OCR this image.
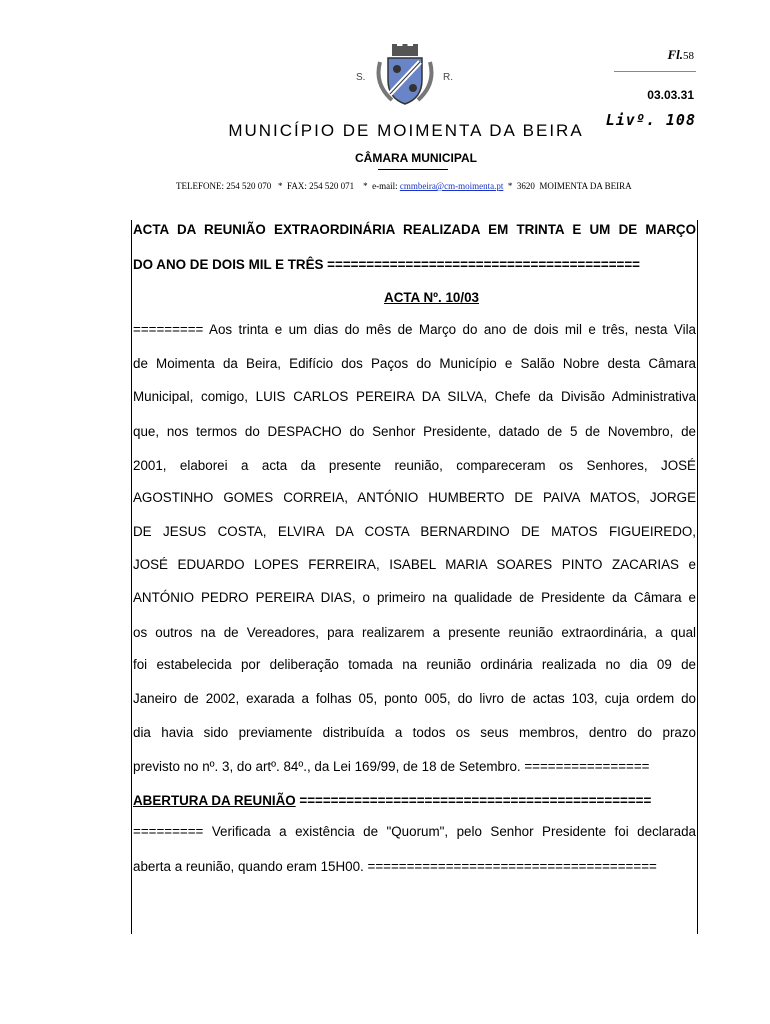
S.	R.
Fl.58
03.03.31
Livº. 108
MUNICÍPIO DE MOIMENTA DA BEIRA
CÂMARA MUNICIPAL
TELEFONE: 254 520 070   *  FAX: 254 520 071    *  e-mail: cmmbeira@cm-moimenta.pt  *  3620  MOIMENTA DA BEIRA
ACTA DA REUNIÃO EXTRAORDINÁRIA REALIZADA EM TRINTA E UM DE MARÇO
DO ANO DE DOIS MIL E TRÊS ========================================
ACTA Nº. 10/03
========= Aos trinta e um dias do mês de Março do ano de dois mil e três, nesta Vila
de Moimenta da Beira, Edifício dos Paços do Município e Salão Nobre desta Câmara
Municipal, comigo, LUIS CARLOS PEREIRA DA SILVA, Chefe da Divisão Administrativa
que, nos termos do DESPACHO do Senhor Presidente, datado de 5 de Novembro, de
2001, elaborei a acta da presente reunião, compareceram os Senhores, JOSÉ
AGOSTINHO GOMES CORREIA, ANTÓNIO HUMBERTO DE PAIVA MATOS, JORGE
DE JESUS COSTA, ELVIRA DA COSTA BERNARDINO DE MATOS FIGUEIREDO,
JOSÉ EDUARDO LOPES FERREIRA, ISABEL MARIA SOARES PINTO ZACARIAS e
ANTÓNIO PEDRO PEREIRA DIAS, o primeiro na qualidade de Presidente da Câmara e
os outros na de Vereadores, para realizarem a presente reunião extraordinária, a qual
foi estabelecida por deliberação tomada na reunião ordinária realizada no dia 09 de
Janeiro de 2002, exarada a folhas 05, ponto 005, do livro de actas 103, cuja ordem do
dia havia sido previamente distribuída a todos os seus membros, dentro do prazo
previsto no nº. 3, do artº. 84º., da Lei 169/99, de 18 de Setembro. ================
ABERTURA DA REUNIÃO =============================================
========= Verificada a existência de "Quorum", pelo Senhor Presidente foi declarada
aberta a reunião, quando eram 15H00. =====================================
